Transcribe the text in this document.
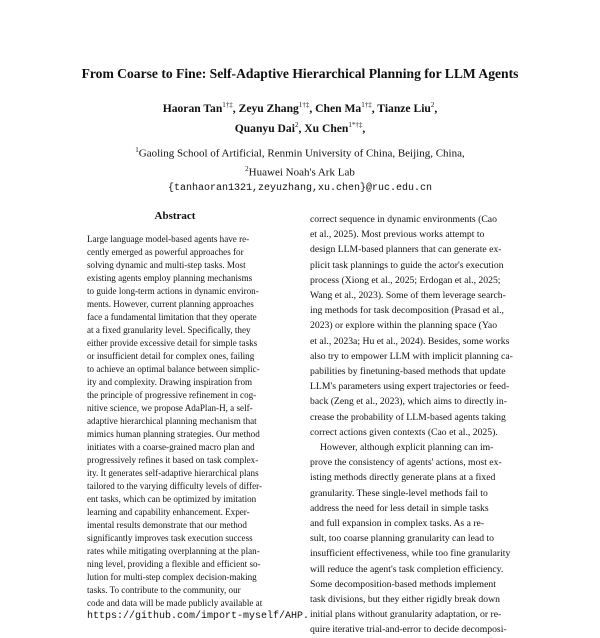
From Coarse to Fine: Self-Adaptive Hierarchical Planning for LLM Agents
Haoran Tan$^{1\dagger\ddagger}$, Zeyu Zhang$^{1\dagger\ddagger}$, Chen $Ma^{1\dagger\ddagger}$, Tianze Liu$^2$,
Quanyu Dai$^2$, Xu Chen$^{1*\dagger\ddagger}$,
$^1$Gaoling School of Artificial, Renmin University of China, Beijing, China,
$^2$Huawei Noah's Ark Lab
{tanhaoran1321,zeyuzhang,xu.chen}@ruc.edu.cn
Abstract
Large language model-based agents have re-
cently emerged as powerful approaches for
solving dynamic and multi-step tasks. Most
existing agents employ planning mechanisms
to guide long-term actions in dynamic environ-
ments. However, current planning approaches
face a fundamental limitation that they operate
at a fixed granularity level. Specifically, they
either provide excessive detail for simple tasks
or insufficient detail for complex ones, failing
to achieve an optimal balance between simplic-
ity and complexity. Drawing inspiration from
the principle of progressive refinement in cog-
nitive science, we propose AdaPlan-H, a self-
adaptive hierarchical planning mechanism that
mimics human planning strategies. Our method
initiates with a coarse-grained macro plan and
progressively refines it based on task complex-
ity. It generates self-adaptive hierarchical plans
tailored to the varying difficulty levels of differ-
ent tasks, which can be optimized by imitation
learning and capability enhancement. Exper-
imental results demonstrate that our method
significantly improves task execution success
rates while mitigating overplanning at the plan-
ning level, providing a flexible and efficient so-
lution for multi-step complex decision-making
tasks. To contribute to the community, our
code and data will be made publicly available at
https://github.com/import-myself/AHP.
correct sequence in dynamic environments (Cao
et al., 2025). Most previous works attempt to
design LLM-based planners that can generate ex-
plicit task plannings to guide the actor's execution
process (Xiong et al., 2025; Erdogan et al., 2025;
Wang et al., 2023). Some of them leverage search-
ing methods for task decomposition (Prasad et al.,
2023) or explore within the planning space (Yao
et al., 2023a; Hu et al., 2024). Besides, some works
also try to empower LLM with implicit planning ca-
pabilities by finetuning-based methods that update
LLM's parameters using expert trajectories or feed-
back (Zeng et al., 2023), which aims to directly in-
crease the probability of LLM-based agents taking
correct actions given contexts (Cao et al., 2025).
However, although explicit planning can im-
prove the consistency of agents' actions, most ex-
isting methods directly generate plans at a fixed
granularity. These single-level methods fail to
address the need for less detail in simple tasks
and full expansion in complex tasks. As a re-
sult, too coarse planning granularity can lead to
insufficient effectiveness, while too fine granularity
will reduce the agent's task completion efficiency.
Some decomposition-based methods implement
task divisions, but they either rigidly break down
initial plans without granularity adaptation, or re-
quire iterative trial-and-error to decide decomposi-
